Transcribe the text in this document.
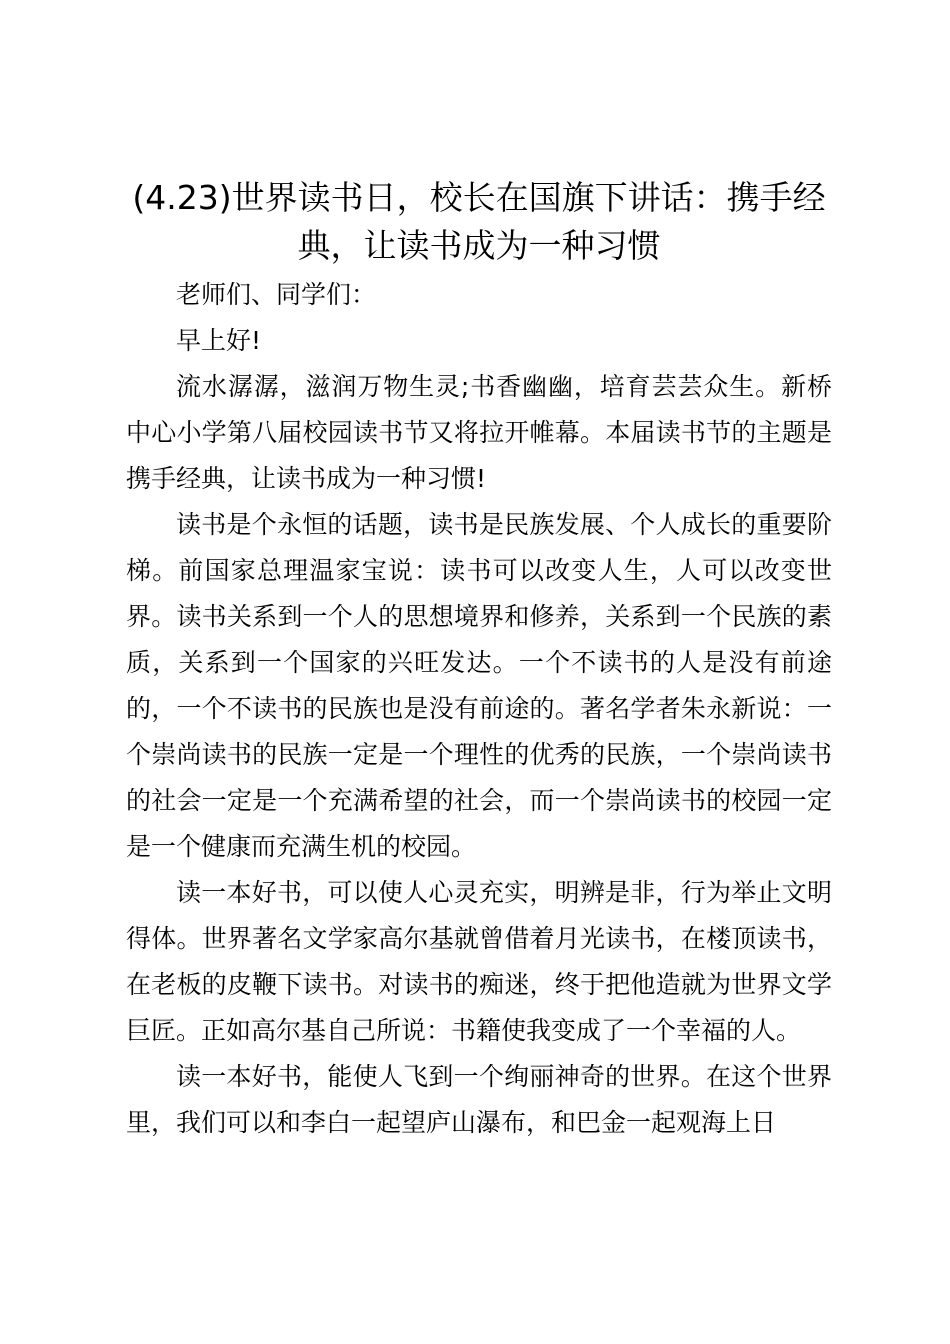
(4.23)世界读书日，校长在国旗下讲话：携手经典，让读书成为一种习惯

老师们、同学们：

早上好!

流水潺潺，滋润万物生灵;书香幽幽，培育芸芸众生。新桥中心小学第八届校园读书节又将拉开帷幕。本届读书节的主题是携手经典，让读书成为一种习惯!

读书是个永恒的话题，读书是民族发展、个人成长的重要阶梯。前国家总理温家宝说：读书可以改变人生，人可以改变世界。读书关系到一个人的思想境界和修养，关系到一个民族的素质，关系到一个国家的兴旺发达。一个不读书的人是没有前途的，一个不读书的民族也是没有前途的。著名学者朱永新说：一个崇尚读书的民族一定是一个理性的优秀的民族，一个崇尚读书的社会一定是一个充满希望的社会，而一个崇尚读书的校园一定是一个健康而充满生机的校园。

读一本好书，可以使人心灵充实，明辨是非，行为举止文明得体。世界著名文学家高尔基就曾借着月光读书，在楼顶读书，在老板的皮鞭下读书。对读书的痴迷，终于把他造就为世界文学巨匠。正如高尔基自己所说：书籍使我变成了一个幸福的人。

读一本好书，能使人飞到一个绚丽神奇的世界。在这个世界里，我们可以和李白一起望庐山瀑布，和巴金一起观海上日
